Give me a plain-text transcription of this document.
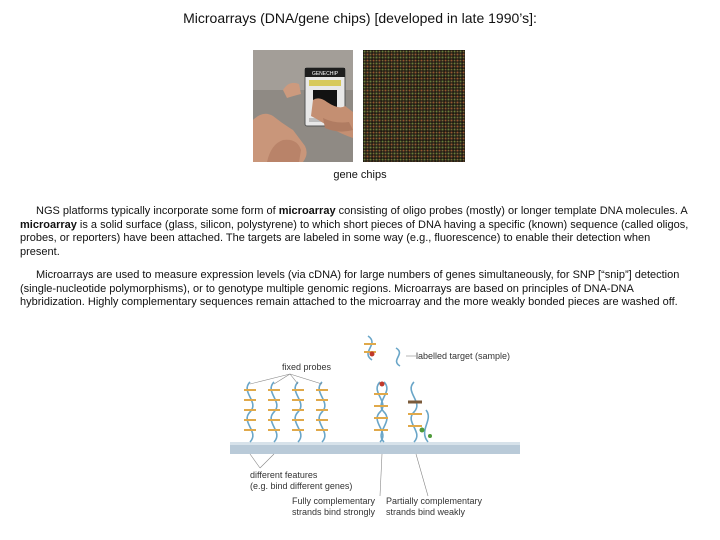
Microarrays (DNA/gene chips) [developed in late 1990’s]:
GENECHIP
gene chips

NGS platforms typically incorporate some form of microarray consisting of oligo probes (mostly) or longer template DNA molecules. A microarray is a solid surface (glass, silicon, polystyrene) to which short pieces of DNA having a specific (known) sequence (called oligos, probes, or reporters) have been attached. The targets are labeled in some way (e.g., fluorescence) to enable their detection when present.

Microarrays are used to measure expression levels (via cDNA) for large numbers of genes simultaneously, for SNP [“snip”] detection (single-nucleotide polymorphisms), or to genotype multiple genomic regions. Microarrays are based on principles of DNA-DNA hybridization. Highly complementary sequences remain attached to the microarray and the more weakly bonded pieces are washed off.

fixed probes
labelled target (sample)
different features
(e.g. bind different genes)
Fully complementary
strands bind strongly
Partially complementary
strands bind weakly
